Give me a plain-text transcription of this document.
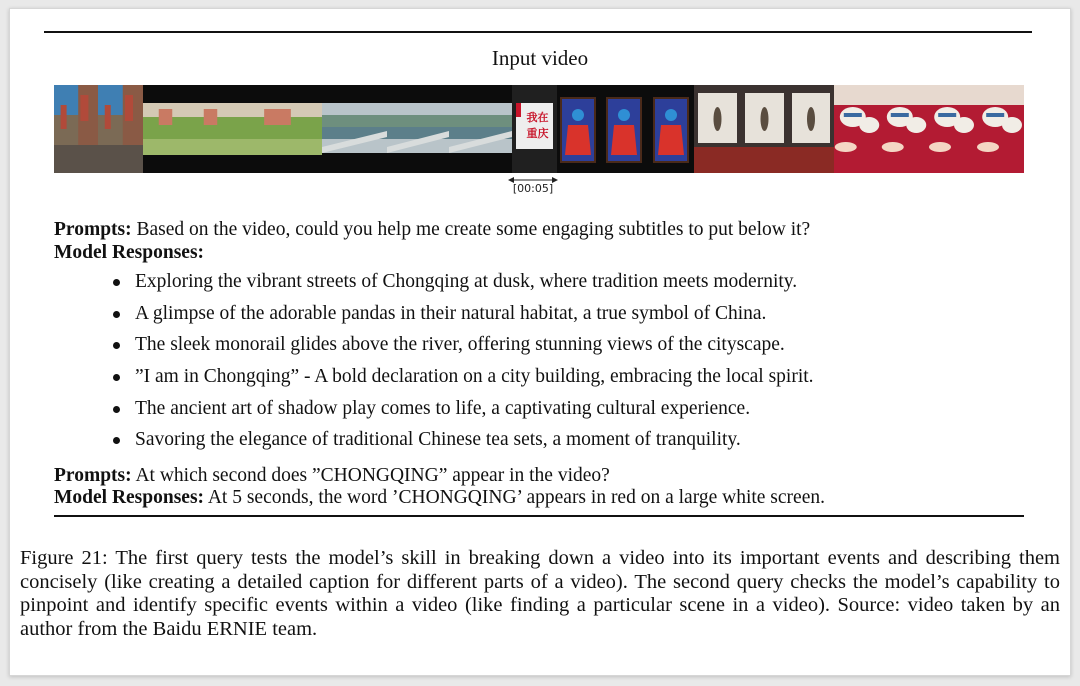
Input video
我在
重庆
[00:05]
Prompts: Based on the video, could you help me create some engaging subtitles to put below it?
Model Responses:
Exploring the vibrant streets of Chongqing at dusk, where tradition meets modernity.
A glimpse of the adorable pandas in their natural habitat, a true symbol of China.
The sleek monorail glides above the river, offering stunning views of the cityscape.
”I am in Chongqing” - A bold declaration on a city building, embracing the local spirit.
The ancient art of shadow play comes to life, a captivating cultural experience.
Savoring the elegance of traditional Chinese tea sets, a moment of tranquility.
Prompts: At which second does ”CHONGQING” appear in the video?
Model Responses: At 5 seconds, the word ’CHONGQING’ appears in red on a large white screen.
Figure 21: The first query tests the model’s skill in breaking down a video into its important events and describing them concisely (like creating a detailed caption for different parts of a video). The second query checks the model’s capability to pinpoint and identify specific events within a video (like finding a particular scene in a video). Source: video taken by an author from the Baidu ERNIE team.
